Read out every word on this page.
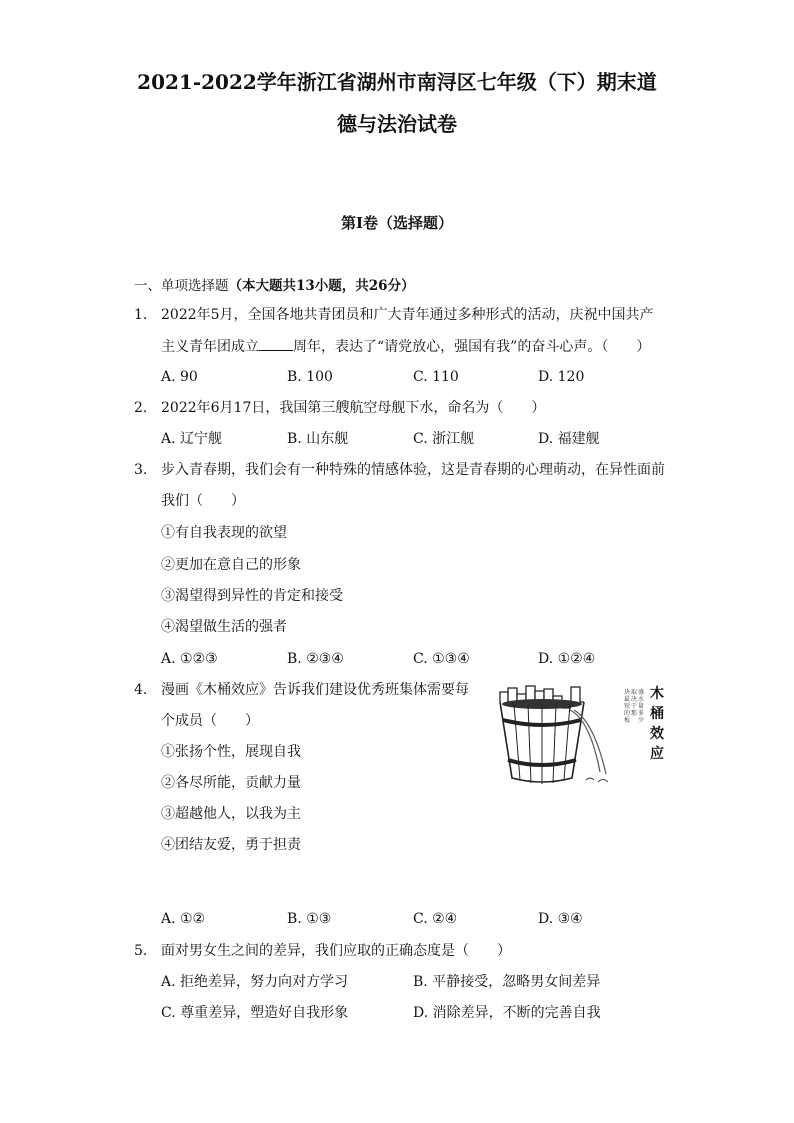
2021-2022学年浙江省湖州市南浔区七年级（下）期末道
德与法治试卷
第I卷（选择题）
一、单项选择题（本大题共13小题，共26分）
1. 2022年5月，全国各地共青团员和广大青年通过多种形式的活动，庆祝中国共产
主义青年团成立 周年，表达了“请党放心，强国有我”的奋斗心声。（　　）
A. 90	B. 100	C. 110	D. 120
2. 2022年6月17日，我国第三艘航空母舰下水，命名为（　　）
A. 辽宁舰	B. 山东舰	C. 浙江舰	D. 福建舰
3. 步入青春期，我们会有一种特殊的情感体验，这是青春期的心理萌动，在异性面前
我们（　　）
①有自我表现的欲望
②更加在意自己的形象
③渴望得到异性的肯定和接受
④渴望做生活的强者
A. ①②③	B. ②③④	C. ①③④	D. ①②④
4. 漫画《木桶效应》告诉我们建设优秀班集体需要每
个成员（　　）
①张扬个性，展现自我
②各尽所能，贡献力量
③超越他人，以我为主
④团结友爱，勇于担责
木
桶
效
应
盛
水
量
多
少
取
决
于
那
块
最
短
的
板
A. ①②	B. ①③	C. ②④	D. ③④
5. 面对男女生之间的差异，我们应取的正确态度是（　　）
A. 拒绝差异，努力向对方学习	B. 平静接受，忽略男女间差异
C. 尊重差异，塑造好自我形象	D. 消除差异，不断的完善自我
